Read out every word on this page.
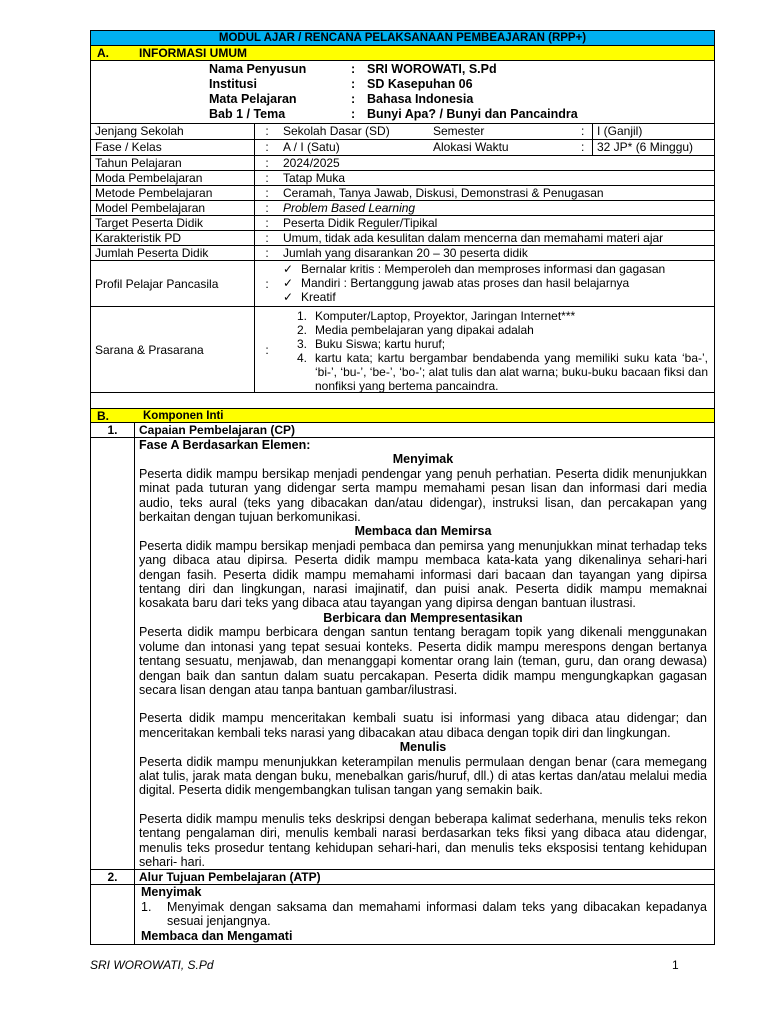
MODUL AJAR / RENCANA PELAKSANAAN PEMBEAJARAN (RPP+)
A.	INFORMASI UMUM
Nama Penyusun	: SRI WOROWATI, S.Pd
Institusi	: SD Kasepuhan 06
Mata Pelajaran	: Bahasa Indonesia
Bab 1 / Tema	: Bunyi Apa? / Bunyi dan Pancaindra
Jenjang Sekolah	:	Sekolah Dasar (SD)	Semester	:	I (Ganjil)
Fase / Kelas	:	A / I (Satu)	Alokasi Waktu	:	32 JP* (6 Minggu)
Tahun Pelajaran	:	2024/2025
Moda Pembelajaran	:	Tatap Muka
Metode Pembelajaran	:	Ceramah, Tanya Jawab, Diskusi, Demonstrasi & Penugasan
Model Pembelajaran	:	Problem Based Learning
Target Peserta Didik	:	Peserta Didik Reguler/Tipikal
Karakteristik PD	:	Umum, tidak ada kesulitan dalam mencerna dan memahami materi ajar
Jumlah Peserta Didik	:	Jumlah yang disarankan 20 – 30 peserta didik
Profil Pelajar Pancasila	:
✓ Bernalar kritis : Memperoleh dan memproses informasi dan gagasan
✓ Mandiri : Bertanggung jawab atas proses dan hasil belajarnya
✓ Kreatif
Sarana & Prasarana	:
1. Komputer/Laptop, Proyektor, Jaringan Internet***
2. Media pembelajaran yang dipakai adalah
3. Buku Siswa; kartu huruf;
4. kartu kata; kartu bergambar bendabenda yang memiliki suku kata ‘ba-’, ‘bi-’, ‘bu-’, ‘be-’, ‘bo-’; alat tulis dan alat warna; buku-buku bacaan fiksi dan nonfiksi yang bertema pancaindra.
B.	Komponen Inti
1.	Capaian Pembelajaran (CP)
Fase A Berdasarkan Elemen:
Menyimak
Peserta didik mampu bersikap menjadi pendengar yang penuh perhatian. Peserta didik menunjukkan minat pada tuturan yang didengar serta mampu memahami pesan lisan dan informasi dari media audio, teks aural (teks yang dibacakan dan/atau didengar), instruksi lisan, dan percakapan yang berkaitan dengan tujuan berkomunikasi.
Membaca dan Memirsa
Peserta didik mampu bersikap menjadi pembaca dan pemirsa yang menunjukkan minat terhadap teks yang dibaca atau dipirsa. Peserta didik mampu membaca kata-kata yang dikenalinya sehari-hari dengan fasih. Peserta didik mampu memahami informasi dari bacaan dan tayangan yang dipirsa tentang diri dan lingkungan, narasi imajinatif, dan puisi anak. Peserta didik mampu memaknai kosakata baru dari teks yang dibaca atau tayangan yang dipirsa dengan bantuan ilustrasi.
Berbicara dan Mempresentasikan
Peserta didik mampu berbicara dengan santun tentang beragam topik yang dikenali menggunakan volume dan intonasi yang tepat sesuai konteks. Peserta didik mampu merespons dengan bertanya tentang sesuatu, menjawab, dan menanggapi komentar orang lain (teman, guru, dan orang dewasa) dengan baik dan santun dalam suatu percakapan. Peserta didik mampu mengungkapkan gagasan secara lisan dengan atau tanpa bantuan gambar/ilustrasi.
Peserta didik mampu menceritakan kembali suatu isi informasi yang dibaca atau didengar; dan menceritakan kembali teks narasi yang dibacakan atau dibaca dengan topik diri dan lingkungan.
Menulis
Peserta didik mampu menunjukkan keterampilan menulis permulaan dengan benar (cara memegang alat tulis, jarak mata dengan buku, menebalkan garis/huruf, dll.) di atas kertas dan/atau melalui media digital. Peserta didik mengembangkan tulisan tangan yang semakin baik.
Peserta didik mampu menulis teks deskripsi dengan beberapa kalimat sederhana, menulis teks rekon tentang pengalaman diri, menulis kembali narasi berdasarkan teks fiksi yang dibaca atau didengar, menulis teks prosedur tentang kehidupan sehari-hari, dan menulis teks eksposisi tentang kehidupan sehari- hari.
2.	Alur Tujuan Pembelajaran (ATP)
Menyimak
1.	Menyimak dengan saksama dan memahami informasi dalam teks yang dibacakan kepadanya sesuai jenjangnya.
Membaca dan Mengamati
SRI WOROWATI, S.Pd	1
